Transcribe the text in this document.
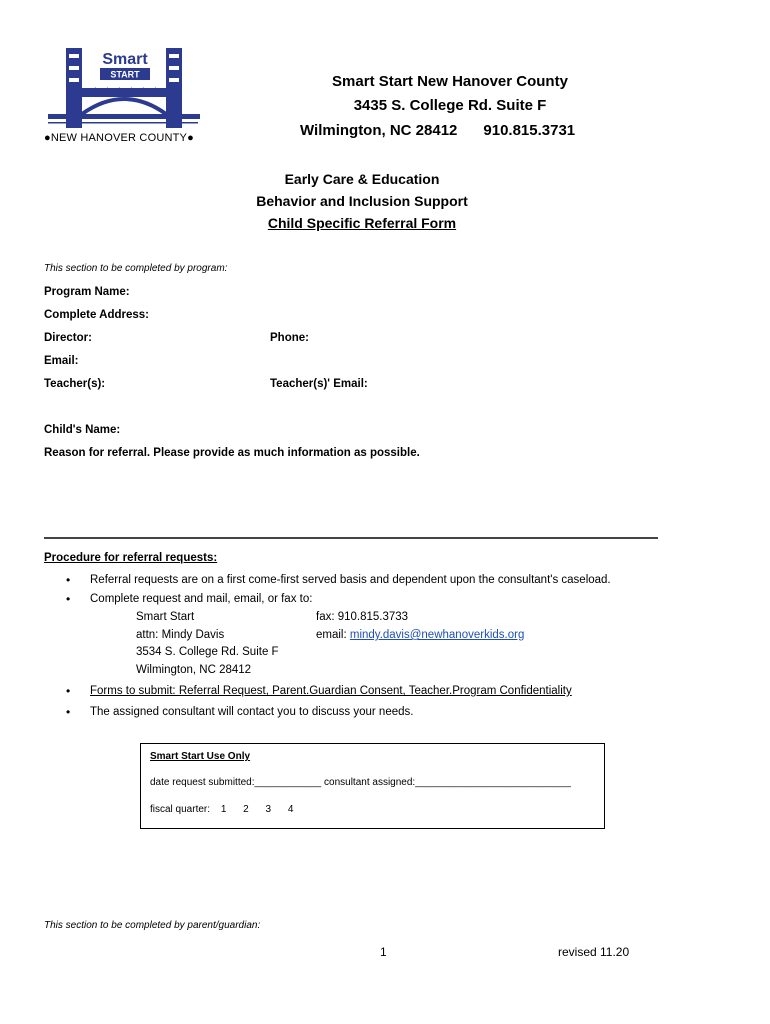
Smart
START
●NEW HANOVER COUNTY●
Smart Start New Hanover County
3435 S. College Rd. Suite F
Wilmington, NC 28412 910.815.3731
Early Care & Education
Behavior and Inclusion Support
Child Specific Referral Form
This section to be completed by program:
Program Name:
Complete Address:
Director:	Phone:
Email:
Teacher(s):	Teacher(s)' Email:
Child's Name:
Reason for referral. Please provide as much information as possible.
Procedure for referral requests:
• Referral requests are on a first come-first served basis and dependent upon the consultant's caseload.
• Complete request and mail, email, or fax to:
Smart Start	fax: 910.815.3733
attn: Mindy Davis	email: mindy.davis@newhanoverkids.org
3534 S. College Rd. Suite F
Wilmington, NC 28412
• Forms to submit: Referral Request, Parent.Guardian Consent, Teacher.Program Confidentiality
• The assigned consultant will contact you to discuss your needs.
Smart Start Use Only
date request submitted:____________ consultant assigned:____________________________
fiscal quarter: 1 2 3 4
This section to be completed by parent/guardian:
1	revised 11.20
